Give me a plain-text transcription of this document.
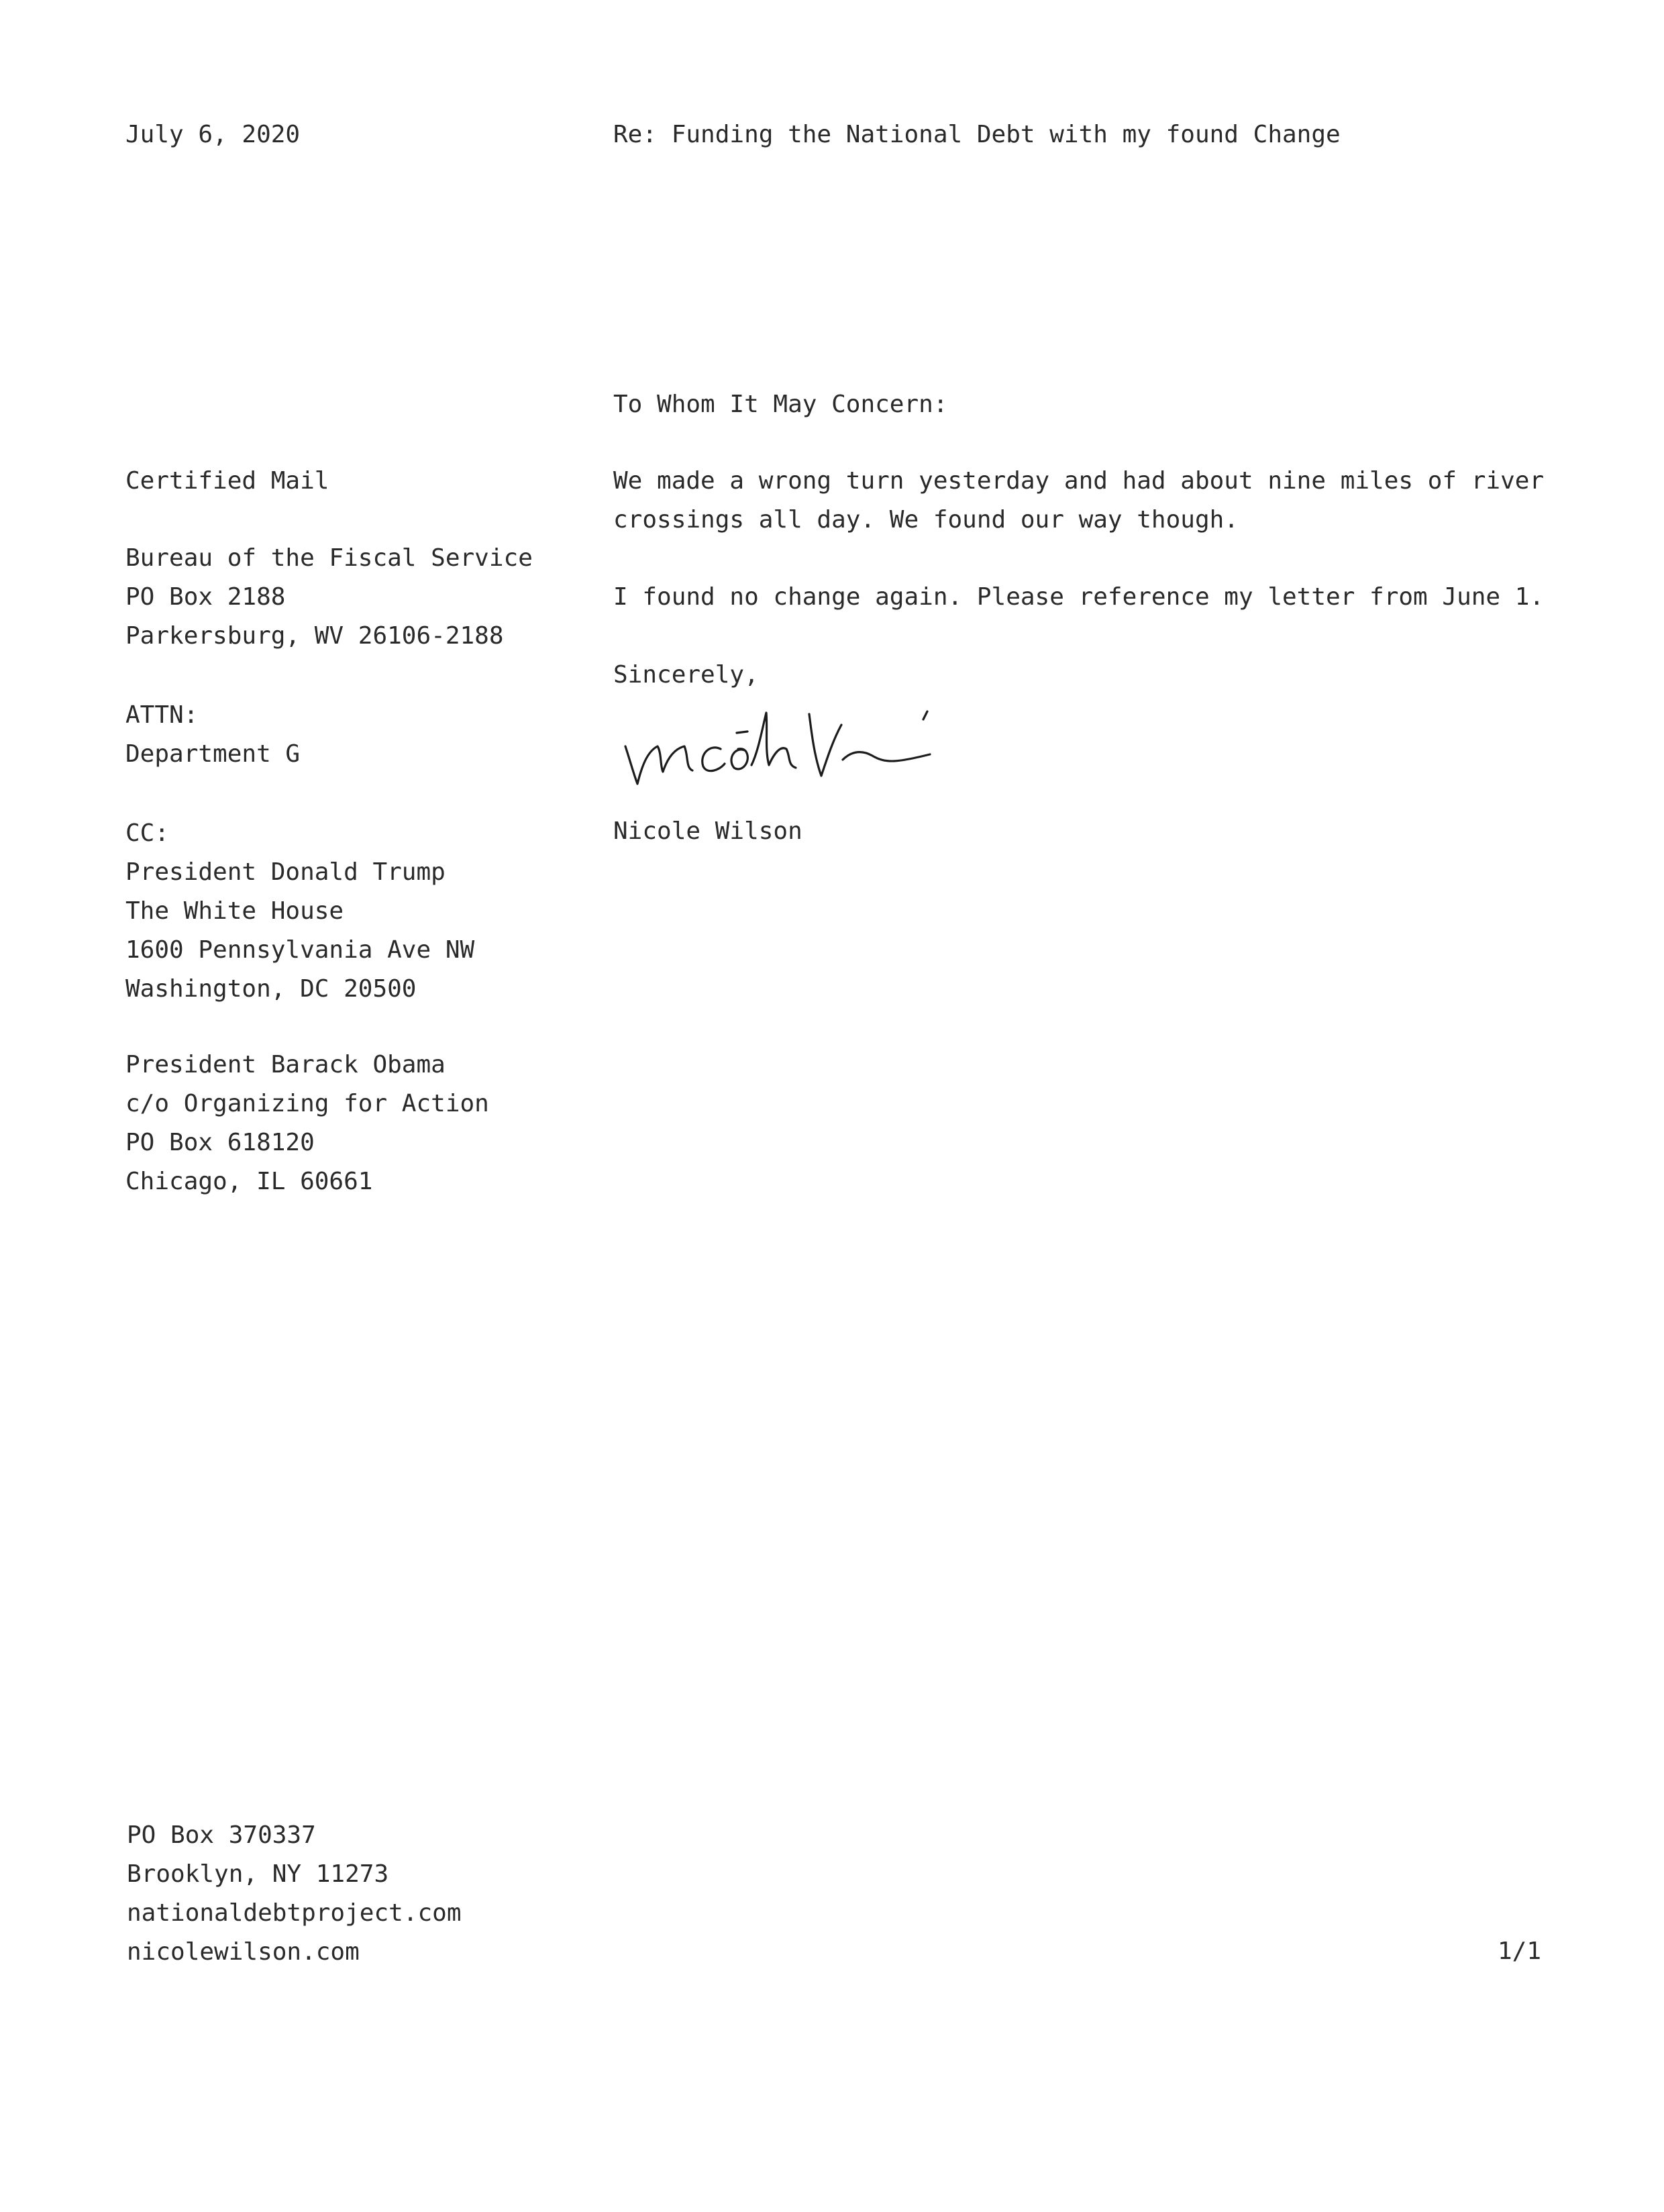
July 6, 2020	Re: Funding the National Debt with my found Change
Certified Mail
Bureau of the Fiscal Service
PO Box 2188
Parkersburg, WV 26106-2188
ATTN:
Department G
CC:
President Donald Trump
The White House
1600 Pennsylvania Ave NW
Washington, DC 20500
President Barack Obama
c/o Organizing for Action
PO Box 618120
Chicago, IL 60661
To Whom It May Concern:
We made a wrong turn yesterday and had about nine miles of river
crossings all day. We found our way though.
I found no change again. Please reference my letter from June 1.
Sincerely,
Nicole Wilson
PO Box 370337
Brooklyn, NY 11273
nationaldebtproject.com
nicolewilson.com	1/1
